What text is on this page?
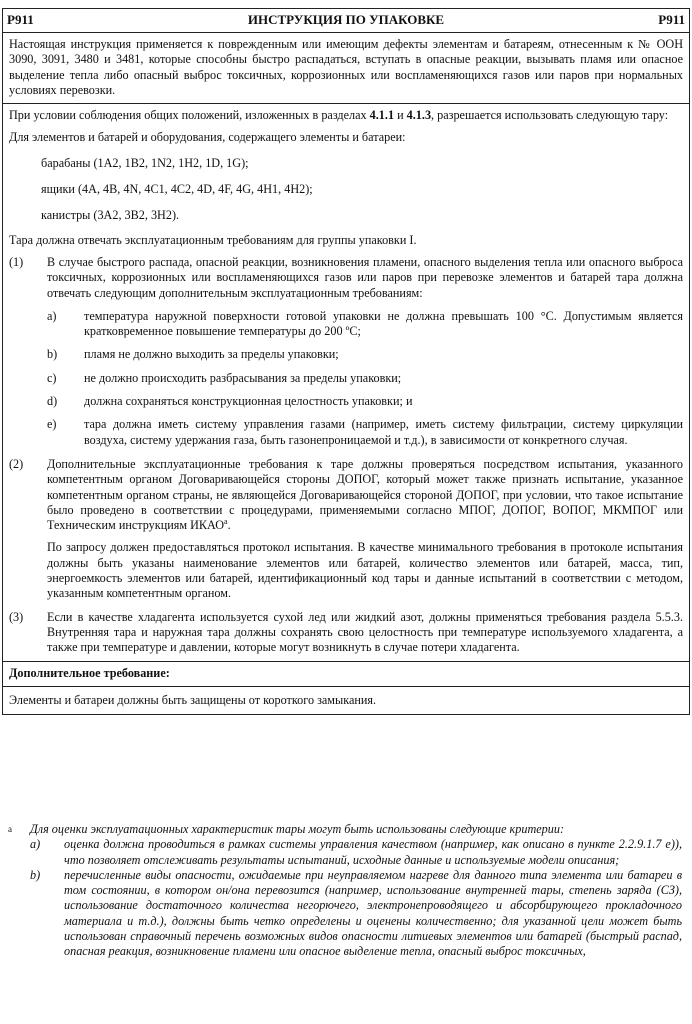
P911	ИНСТРУКЦИЯ ПО УПАКОВКЕ	P911

Настоящая инструкция применяется к поврежденным или имеющим дефекты элементам и батареям, отнесенным к № ООН 3090, 3091, 3480 и 3481, которые способны быстро распадаться, вступать в опасные реакции, вызывать пламя или опасное выделение тепла либо опасный выброс токсичных, коррозионных или воспламеняющихся газов или паров при нормальных условиях перевозки.

При условии соблюдения общих положений, изложенных в разделах 4.1.1 и 4.1.3, разрешается использовать следующую тару:

Для элементов и батарей и оборудования, содержащего элементы и батареи:

барабаны (1A2, 1B2, 1N2, 1H2, 1D, 1G);

ящики (4A, 4B, 4N, 4C1, 4C2, 4D, 4F, 4G, 4H1, 4H2);

канистры (3A2, 3B2, 3H2).

Тара должна отвечать эксплуатационным требованиям для группы упаковки I.

(1)	В случае быстрого распада, опасной реакции, возникновения пламени, опасного выделения тепла или опасного выброса токсичных, коррозионных или воспламеняющихся газов или паров при перевозке элементов и батарей тара должна отвечать следующим дополнительным эксплуатационным требованиям:

a)	температура наружной поверхности готовой упаковки не должна превышать 100 °C. Допустимым является кратковременное повышение температуры до 200 ºC;
b)	пламя не должно выходить за пределы упаковки;
c)	не должно происходить разбрасывания за пределы упаковки;
d)	должна сохраняться конструкционная целостность упаковки; и
e)	тара должна иметь систему управления газами (например, иметь систему фильтрации, систему циркуляции воздуха, систему удержания газа, быть газонепроницаемой и т.д.), в зависимости от конкретного случая.
(2)	Дополнительные эксплуатационные требования к таре должны проверяться посредством испытания, указанного компетентным органом Договаривающейся стороны ДОПОГ, который может также признать испытание, указанное компетентным органом страны, не являющейся Договаривающейся стороной ДОПОГ, при условии, что такое испытание было проведено в соответствии с процедурами, применяемыми согласно МПОГ, ДОПОГ, ВОПОГ, МКМПОГ или Техническим инструкциям ИКАО$^a$.

По запросу должен предоставляться протокол испытания. В качестве минимального требования в протоколе испытания должны быть указаны наименование элементов или батарей, количество элементов или батарей, масса, тип, энергоемкость элементов или батарей, идентификационный код тары и данные испытаний в соответствии с методом, указанным компетентным органом.

(3)	Если в качестве хладагента используется сухой лед или жидкий азот, должны применяться требования раздела 5.5.3. Внутренняя тара и наружная тара должны сохранять свою целостность при температуре используемого хладагента, а также при температуре и давлении, которые могут возникнуть в случае потери хладагента.

Дополнительное требование:

Элементы и батареи должны быть защищены от короткого замыкания.

a	Для оценки эксплуатационных характеристик тары могут быть использованы следующие критерии:
a)	оценка должна проводиться в рамках системы управления качеством (например, как описано в пункте 2.2.9.1.7 e)), что позволяет отслеживать результаты испытаний, исходные данные и используемые модели описания;
b)	перечисленные виды опасности, ожидаемые при неуправляемом нагреве для данного типа элемента или батареи в том состоянии, в котором он/она перевозится (например, использование внутренней тары, степень заряда (СЗ), использование достаточного количества негорючего, электронепроводящего и абсорбирующего прокладочного материала и т.д.), должны быть четко определены и оценены количественно; для указанной цели может быть использован справочный перечень возможных видов опасности литиевых элементов или батарей (быстрый распад, опасная реакция, возникновение пламени или опасное выделение тепла, опасный выброс токсичных,
